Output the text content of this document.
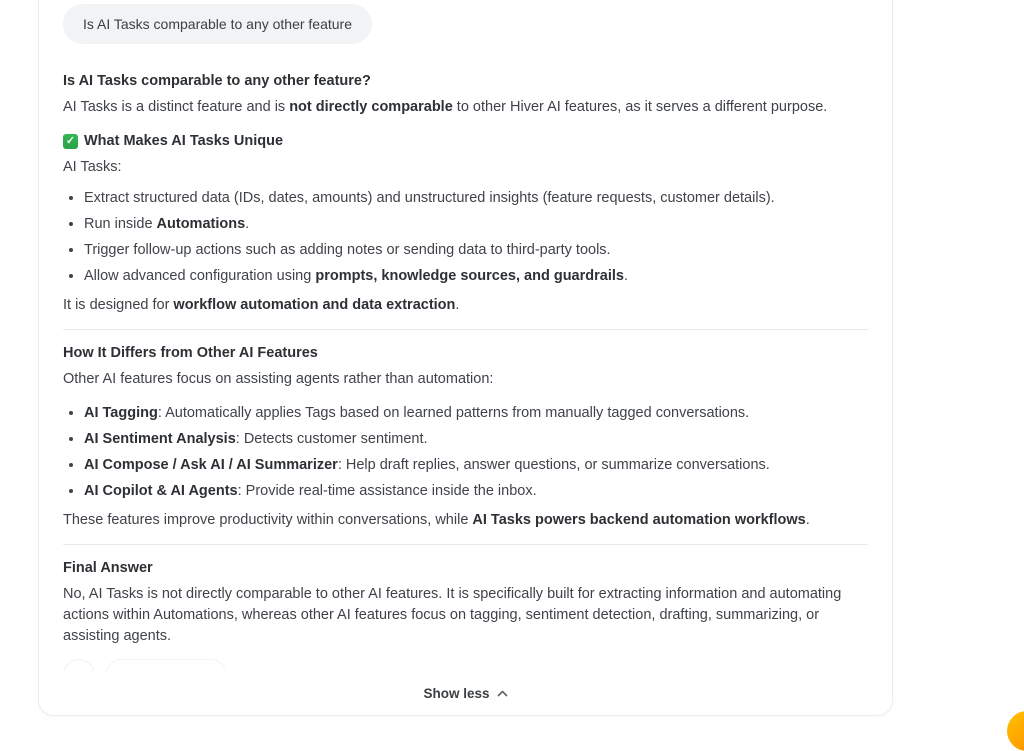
Is AI Tasks comparable to any other feature
Is AI Tasks comparable to any other feature?

AI Tasks is a distinct feature and is not directly comparable to other Hiver AI features, as it serves a different purpose.

✓ What Makes AI Tasks Unique

AI Tasks:

• Extract structured data (IDs, dates, amounts) and unstructured insights (feature requests, customer details).
• Run inside Automations.
• Trigger follow-up actions such as adding notes or sending data to third-party tools.
• Allow advanced configuration using prompts, knowledge sources, and guardrails.

It is designed for workflow automation and data extraction.

How It Differs from Other AI Features

Other AI features focus on assisting agents rather than automation:

• AI Tagging: Automatically applies Tags based on learned patterns from manually tagged conversations.
• AI Sentiment Analysis: Detects customer sentiment.
• AI Compose / Ask AI / AI Summarizer: Help draft replies, answer questions, or summarize conversations.
• AI Copilot & AI Agents: Provide real-time assistance inside the inbox.

These features improve productivity within conversations, while AI Tasks powers backend automation workflows.

Final Answer

No, AI Tasks is not directly comparable to other AI features. It is specifically built for extracting information and automating actions within Automations, whereas other AI features focus on tagging, sentiment detection, drafting, summarizing, or assisting agents.

Show less
